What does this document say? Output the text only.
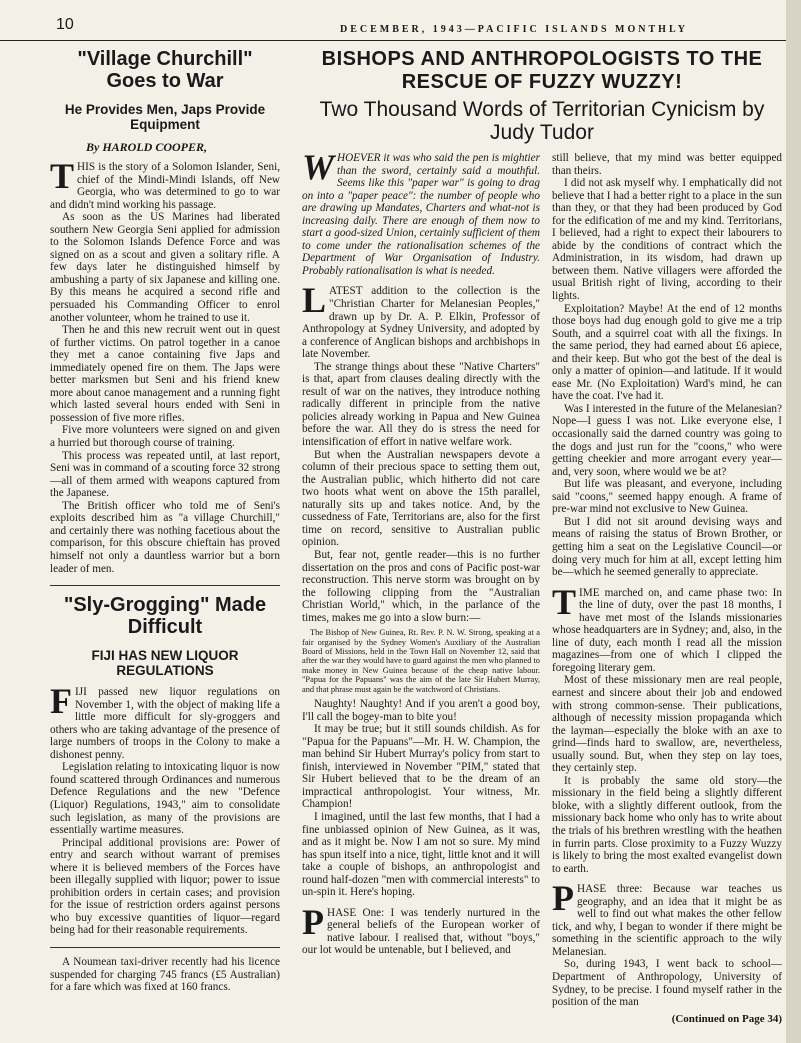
10	DECEMBER, 1943—PACIFIC ISLANDS MONTHLY
"Village Churchill" Goes to War
He Provides Men, Japs Provide Equipment
By HAROLD COOPER,

THIS is the story of a Solomon Islander, Seni, chief of the Mindi-Mindi Islands, off New Georgia, who was determined to go to war and didn't mind working his passage.

As soon as the US Marines had liberated southern New Georgia Seni applied for admission to the Solomon Islands Defence Force and was signed on as a scout and given a solitary rifle. A few days later he distinguished himself by ambushing a party of six Japanese and killing one. By this means he acquired a second rifle and persuaded his Commanding Officer to enrol another volunteer, whom he trained to use it.

Then he and this new recruit went out in quest of further victims. On patrol together in a canoe they met a canoe containing five Japs and immediately opened fire on them. The Japs were better marksmen but Seni and his friend knew more about canoe management and a running fight which lasted several hours ended with Seni in possession of five more rifles.

Five more volunteers were signed on and given a hurried but thorough course of training.

This process was repeated until, at last report, Seni was in command of a scouting force 32 strong—all of them armed with weapons captured from the Japanese.

The British officer who told me of Seni's exploits described him as "a village Churchill," and certainly there was nothing facetious about the comparison, for this obscure chieftain has proved himself not only a dauntless warrior but a born leader of men.

"Sly-Grogging" Made Difficult
FIJI HAS NEW LIQUOR REGULATIONS

FIJI passed new liquor regulations on November 1, with the object of making life a little more difficult for sly-groggers and others who are taking advantage of the presence of large numbers of troops in the Colony to make a dishonest penny.

Legislation relating to intoxicating liquor is now found scattered through Ordinances and numerous Defence Regulations and the new "Defence (Liquor) Regulations, 1943," aim to consolidate such legislation, as many of the provisions are essentially wartime measures.

Principal additional provisions are: Power of entry and search without warrant of premises where it is believed members of the Forces have been illegally supplied with liquor; power to issue prohibition orders in certain cases; and provision for the issue of restriction orders against persons who buy excessive quantities of liquor—regard being had for their reasonable requirements.

A Noumean taxi-driver recently had his licence suspended for charging 745 francs (£5 Australian) for a fare which was fixed at 160 francs.

BISHOPS AND ANTHROPOLOGISTS TO THE RESCUE OF FUZZY WUZZY!
Two Thousand Words of Territorian Cynicism by Judy Tudor

WHOEVER it was who said the pen is mightier than the sword, certainly said a mouthful. Seems like this "paper war" is going to drag on into a "paper peace": the number of people who are drawing up Mandates, Charters and what-not is increasing daily. There are enough of them now to start a good-sized Union, certainly sufficient of them to come under the rationalisation schemes of the Department of War Organisation of Industry. Probably rationalisation is what is needed.

LATEST addition to the collection is the "Christian Charter for Melanesian Peoples," drawn up by Dr. A. P. Elkin, Professor of Anthropology at Sydney University, and adopted by a conference of Anglican bishops and archbishops in late November.

The strange things about these "Native Charters" is that, apart from clauses dealing directly with the result of war on the natives, they introduce nothing radically different in principle from the native policies already working in Papua and New Guinea before the war. All they do is stress the need for intensification of effort in native welfare work.

But when the Australian newspapers devote a column of their precious space to setting them out, the Australian public, which hitherto did not care two hoots what went on above the 15th parallel, naturally sits up and takes notice. And, by the cussedness of Fate, Territorians are, also for the first time on record, sensitive to Australian public opinion.

But, fear not, gentle reader—this is no further dissertation on the pros and cons of Pacific post-war reconstruction. This nerve storm was brought on by the following clipping from the "Australian Christian World," which, in the parlance of the times, makes me go into a slow burn:—

The Bishop of New Guinea, Rt. Rev. P. N. W. Strong, speaking at a fair organised by the Sydney Women's Auxiliary of the Australian Board of Missions, held in the Town Hall on November 12, said that after the war they would have to guard against the men who planned to make money in New Guinea because of the cheap native labour. "Papua for the Papuans" was the aim of the late Sir Hubert Murray, and that phrase must again be the watchword of Christians.

Naughty! Naughty! And if you aren't a good boy, I'll call the bogey-man to bite you!

It may be true; but it still sounds childish. As for "Papua for the Papuans"—Mr. H. W. Champion, the man behind Sir Hubert Murray's policy from start to finish, interviewed in November "PIM," stated that Sir Hubert believed that to be the dream of an impractical anthropologist. Your witness, Mr. Champion!

I imagined, until the last few months, that I had a fine unbiassed opinion of New Guinea, as it was, and as it might be. Now I am not so sure. My mind has spun itself into a nice, tight, little knot and it will take a couple of bishops, an anthropologist and round half-dozen "men with commercial interests" to un-spin it. Here's hoping.

PHASE One: I was tenderly nurtured in the general beliefs of the European worker of native labour. I realised that, without "boys," our lot would be untenable, but I believed, and

still believe, that my mind was better equipped than theirs.

I did not ask myself why. I emphatically did not believe that I had a better right to a place in the sun than they, or that they had been produced by God for the edification of me and my kind. Territorians, I believed, had a right to expect their labourers to abide by the conditions of contract which the Administration, in its wisdom, had drawn up between them. Native villagers were afforded the usual British right of living, according to their lights.

Exploitation? Maybe! At the end of 12 months those boys had dug enough gold to give me a trip South, and a squirrel coat with all the fixings. In the same period, they had earned about £6 apiece, and their keep. But who got the best of the deal is only a matter of opinion—and latitude. If it would ease Mr. (No Exploitation) Ward's mind, he can have the coat. I've had it.

Was I interested in the future of the Melanesian? Nope—I guess I was not. Like everyone else, I occasionally said the darned country was going to the dogs and just run for the "coons," who were getting cheekier and more arrogant every year—and, very soon, where would we be at?

But life was pleasant, and everyone, including said "coons," seemed happy enough. A frame of pre-war mind not exclusive to New Guinea.

But I did not sit around devising ways and means of raising the status of Brown Brother, or getting him a seat on the Legislative Council—or doing very much for him at all, except letting him be—which he seemed generally to appreciate.

TIME marched on, and came phase two: In the line of duty, over the past 18 months, I have met most of the Islands missionaries whose headquarters are in Sydney; and, also, in the line of duty, each month I read all the mission magazines—from one of which I clipped the foregoing literary gem.

Most of these missionary men are real people, earnest and sincere about their job and endowed with strong common-sense. Their publications, although of necessity mission propaganda which the layman—especially the bloke with an axe to grind—finds hard to swallow, are, nevertheless, usually sound. But, when they step on lay toes, they certainly step.

It is probably the same old story—the missionary in the field being a slightly different bloke, with a slightly different outlook, from the missionary back home who only has to write about the trials of his brethren wrestling with the heathen in furrin parts. Close proximity to a Fuzzy Wuzzy is likely to bring the most exalted evangelist down to earth.

PHASE three: Because war teaches us geography, and an idea that it might be as well to find out what makes the other fellow tick, and why, I began to wonder if there might be something in the scientific approach to the wily Melanesian.

So, during 1943, I went back to school—Department of Anthropology, University of Sydney, to be precise. I found myself rather in the position of the man

(Continued on Page 34)
